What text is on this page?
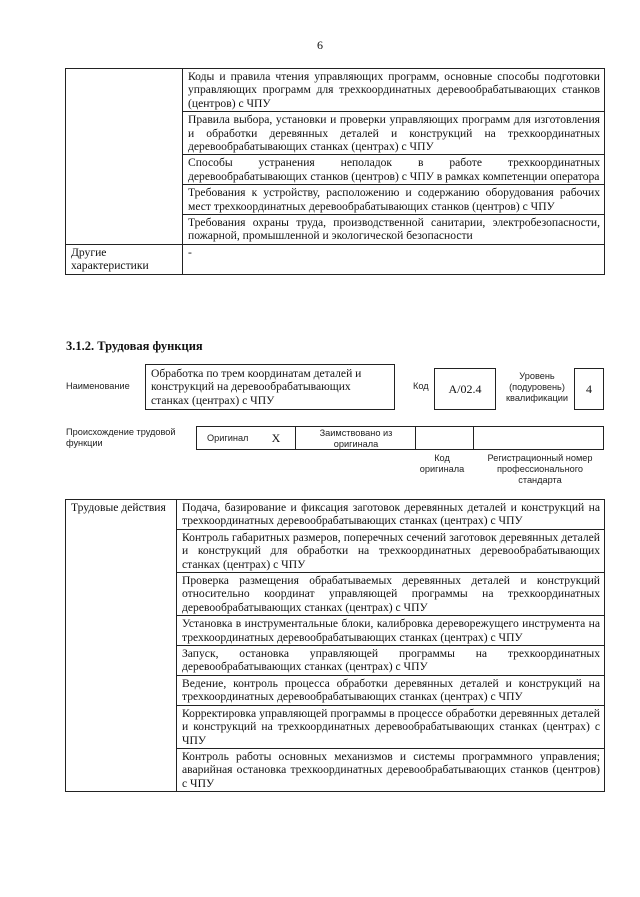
6
	Коды и правила чтения управляющих программ, основные способы подготовки управляющих программ для трехкоординатных деревообрабатывающих станков (центров) с ЧПУ
	Правила выбора, установки и проверки управляющих программ для изготовления и обработки деревянных деталей и конструкций на трехкоординатных деревообрабатывающих станках (центрах) с ЧПУ
	Способы устранения неполадок в работе трехкоординатных деревообрабатывающих станков (центров) с ЧПУ в рамках компетенции оператора
	Требования к устройству, расположению и содержанию оборудования рабочих мест трехкоординатных деревообрабатывающих станков (центров) с ЧПУ
	Требования охраны труда, производственной санитарии, электробезопасности, пожарной, промышленной и экологической безопасности
Другие характеристики	-
3.1.2. Трудовая функция
Наименование
Обработка по трем координатам деталей и конструкций на деревообрабатывающих станках (центрах) с ЧПУ
Код	А/02.4
Уровень (подуровень) квалификации
4
Происхождение трудовой функции	Оригинал	X	Заимствовано из оригинала
Код оригинала
Регистрационный номер профессионального стандарта
Трудовые действия	Подача, базирование и фиксация заготовок деревянных деталей и конструкций на трехкоординатных деревообрабатывающих станках (центрах) с ЧПУ
Контроль габаритных размеров, поперечных сечений заготовок деревянных деталей и конструкций для обработки на трехкоординатных деревообрабатывающих станках (центрах) с ЧПУ
Проверка размещения обрабатываемых деревянных деталей и конструкций относительно координат управляющей программы на трехкоординатных деревообрабатывающих станках (центрах) с ЧПУ
Установка в инструментальные блоки, калибровка дереворежущего инструмента на трехкоординатных деревообрабатывающих станках (центрах) с ЧПУ
Запуск, остановка управляющей программы на трехкоординатных деревообрабатывающих станках (центрах) с ЧПУ
Ведение, контроль процесса обработки деревянных деталей и конструкций на трехкоординатных деревообрабатывающих станках (центрах) с ЧПУ
Корректировка управляющей программы в процессе обработки деревянных деталей и конструкций на трехкоординатных деревообрабатывающих станках (центрах) с ЧПУ
Контроль работы основных механизмов и системы программного управления; аварийная остановка трехкоординатных деревообрабатывающих станков (центров) с ЧПУ
